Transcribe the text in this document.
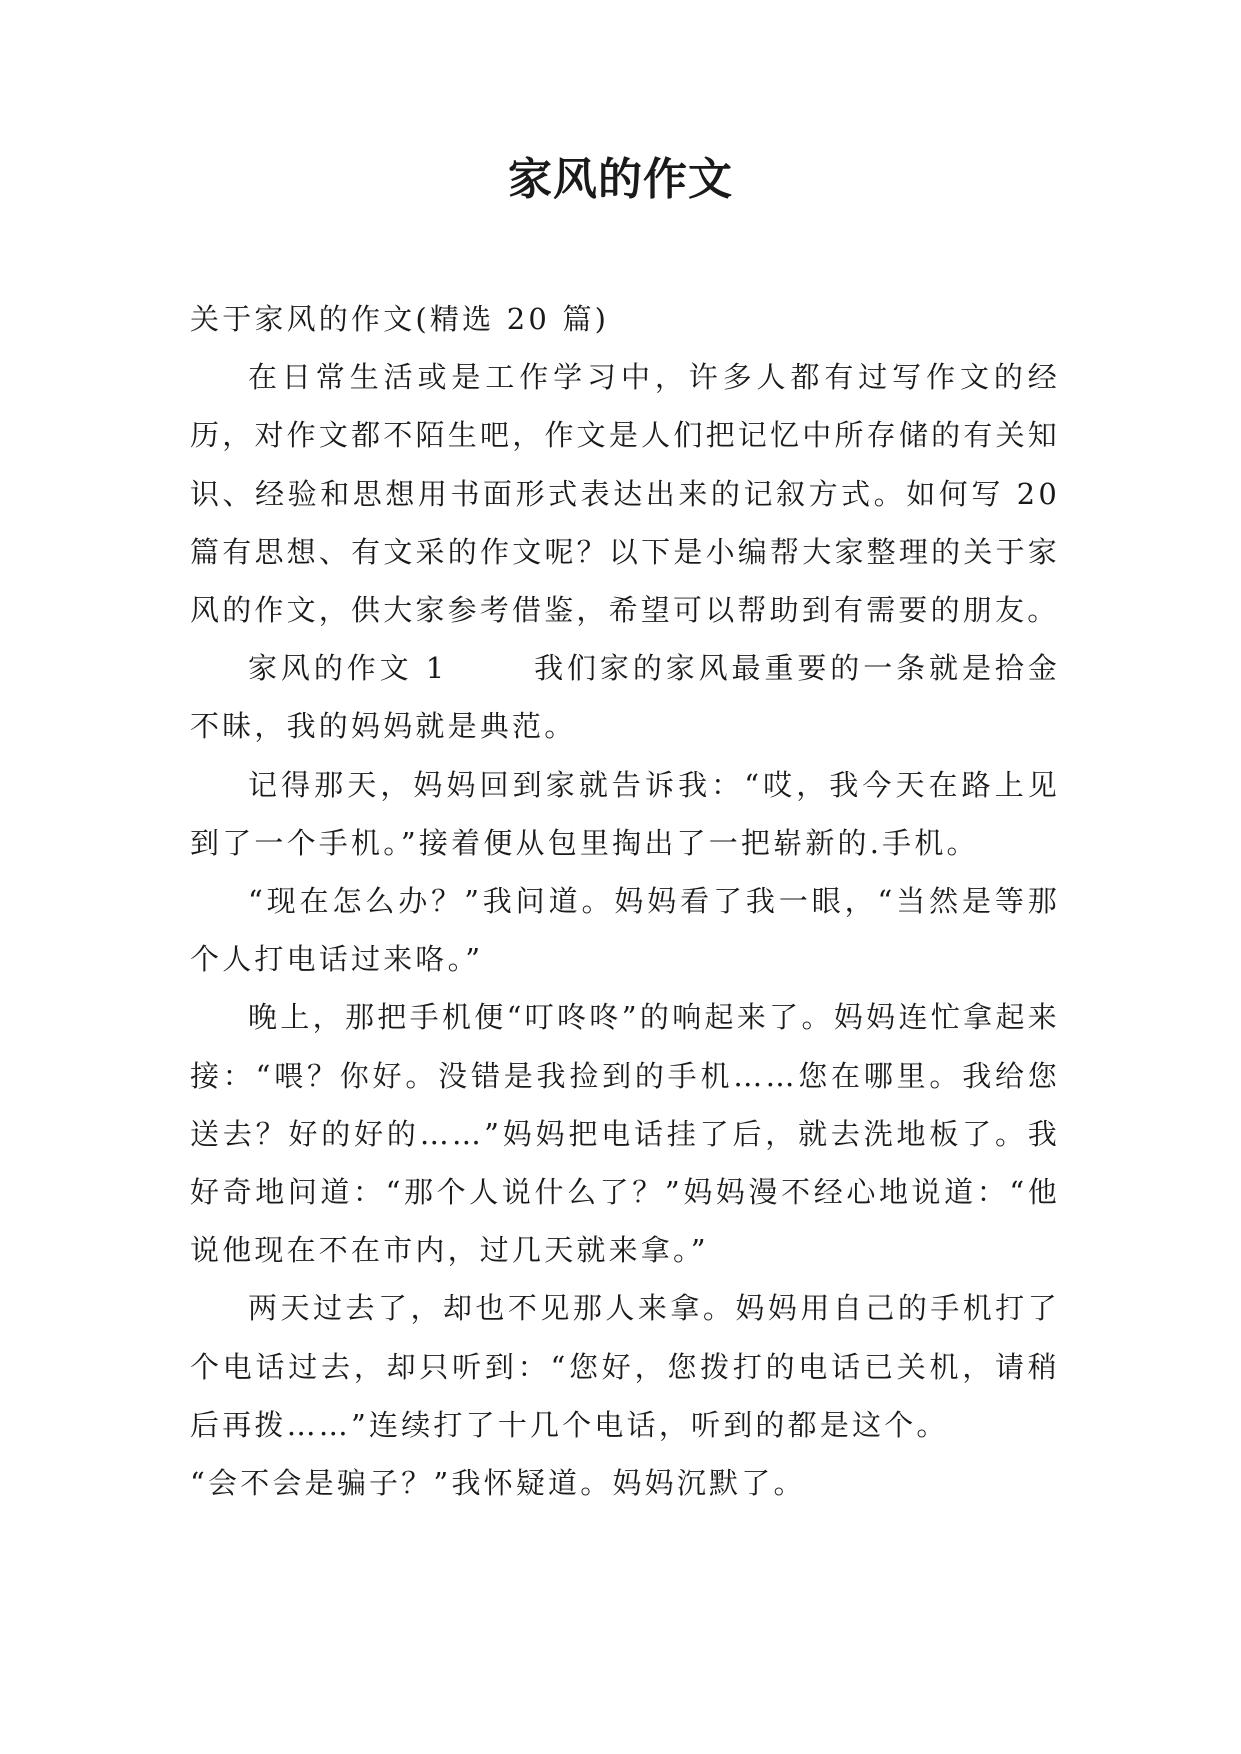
家风的作文

关于家风的作文(精选 20 篇)

在日常生活或是工作学习中，许多人都有过写作文的经历，对作文都不陌生吧，作文是人们把记忆中所存储的有关知识、经验和思想用书面形式表达出来的记叙方式。如何写 20 篇有思想、有文采的作文呢？以下是小编帮大家整理的关于家风的作文，供大家参考借鉴，希望可以帮助到有需要的朋友。

家风的作文 1	我们家的家风最重要的一条就是拾金不昧，我的妈妈就是典范。

记得那天，妈妈回到家就告诉我：“哎，我今天在路上见到了一个手机。”接着便从包里掏出了一把崭新的.手机。

“现在怎么办？”我问道。妈妈看了我一眼，“当然是等那个人打电话过来咯。”

晚上，那把手机便“叮咚咚”的响起来了。妈妈连忙拿起来接：“喂？你好。没错是我捡到的手机……您在哪里。我给您送去？好的好的……”妈妈把电话挂了后，就去洗地板了。我好奇地问道：“那个人说什么了？”妈妈漫不经心地说道：“他说他现在不在市内，过几天就来拿。”

两天过去了，却也不见那人来拿。妈妈用自己的手机打了个电话过去，却只听到：“您好，您拨打的电话已关机，请稍后再拨……”连续打了十几个电话，听到的都是这个。

“会不会是骗子？”我怀疑道。妈妈沉默了。
